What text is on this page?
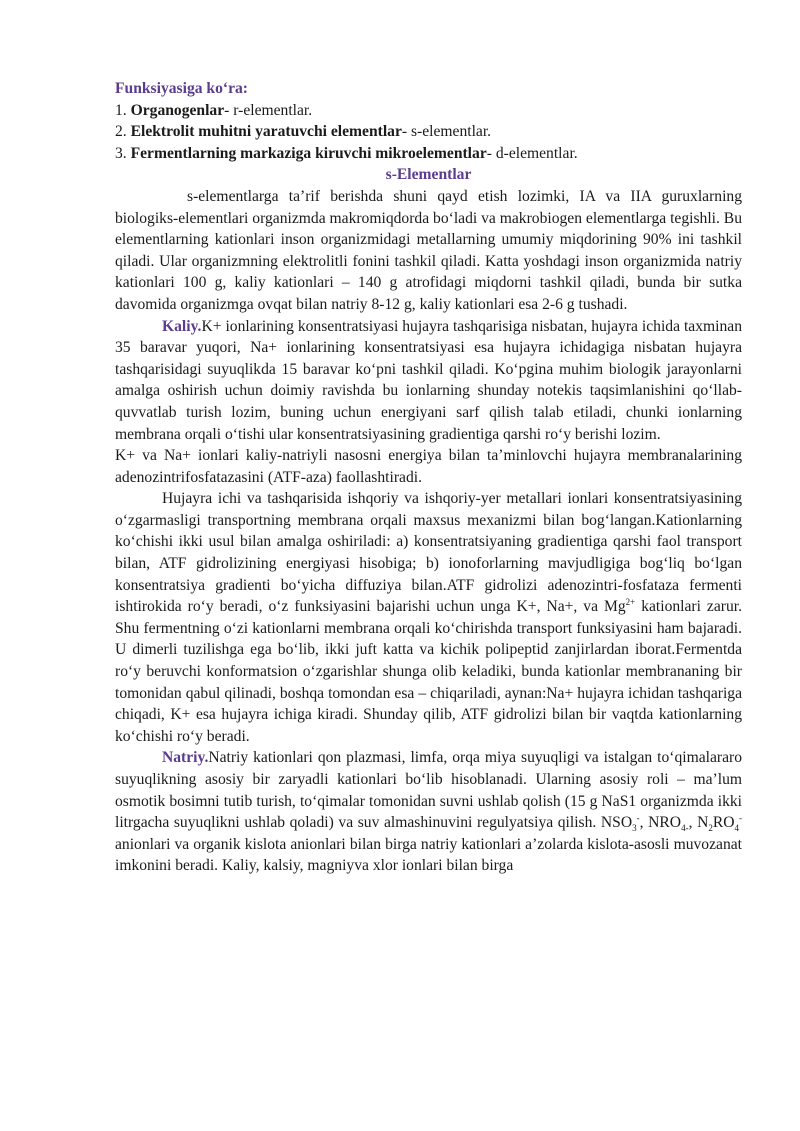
Funksiyasiga ko‘ra:

1. Organogenlar- r-elementlar.

2. Elektrolit muhitni yaratuvchi elementlar- s-elementlar.

3. Fermentlarning markaziga kiruvchi mikroelementlar- d-elementlar.

s-Elementlar

s-elementlarga ta’rif berishda shuni qayd etish lozimki, IA va IIA guruxlarning biologiks-elementlari organizmda makromiqdorda bo‘ladi va makrobiogen elementlarga tegishli. Bu elementlarning kationlari inson organizmidagi metallarning umumiy miqdorining 90% ini tashkil qiladi. Ular organizmning elektrolitli fonini tashkil qiladi. Katta yoshdagi inson organizmida natriy kationlari 100 g, kaliy kationlari – 140 g atrofidagi miqdorni tashkil qiladi, bunda bir sutka davomida organizmga ovqat bilan natriy 8-12 g, kaliy kationlari esa 2-6 g tushadi.

Kaliy.K+ ionlarining konsentratsiyasi hujayra tashqarisiga nisbatan, hujayra ichida taxminan 35 baravar yuqori, Na+ ionlarining konsentratsiyasi esa hujayra ichidagiga nisbatan hujayra tashqarisidagi suyuqlikda 15 baravar ko‘pni tashkil qiladi. Ko‘pgina muhim biologik jarayonlarni amalga oshirish uchun doimiy ravishda bu ionlarning shunday notekis taqsimlanishini qo‘llab-quvvatlab turish lozim, buning uchun energiyani sarf qilish talab etiladi, chunki ionlarning membrana orqali o‘tishi ular konsentratsiyasining gradientiga qarshi ro‘y berishi lozim.

K+ va Na+ ionlari kaliy-natriyli nasosni energiya bilan ta’minlovchi hujayra membranalarining adenozintrifosfatazasini (ATF-aza) faollashtiradi.

Hujayra ichi va tashqarisida ishqoriy va ishqoriy-yer metallari ionlari konsentratsiyasining o‘zgarmasligi transportning membrana orqali maxsus mexanizmi bilan bog‘langan.Kationlarning ko‘chishi ikki usul bilan amalga oshiriladi: a) konsentratsiyaning gradientiga qarshi faol transport bilan, ATF gidrolizining energiyasi hisobiga; b) ionoforlarning mavjudligiga bog‘liq bo‘lgan konsentratsiya gradienti bo‘yicha diffuziya bilan.ATF gidrolizi adenozintri-fosfataza fermenti ishtirokida ro‘y beradi, o‘z funksiyasini bajarishi uchun unga K+, Na+, va $Mg^{2+}$ kationlari zarur. Shu fermentning o‘zi kationlarni membrana orqali ko‘chirishda transport funksiyasini ham bajaradi. U dimerli tuzilishga ega bo‘lib, ikki juft katta va kichik polipeptid zanjirlardan iborat.Fermentda ro‘y beruvchi konformatsion o‘zgarishlar shunga olib keladiki, bunda kationlar membrananing bir tomonidan qabul qilinadi, boshqa tomondan esa – chiqariladi, aynan:Na+ hujayra ichidan tashqariga chiqadi, K+ esa hujayra ichiga kiradi. Shunday qilib, ATF gidrolizi bilan bir vaqtda kationlarning ko‘chishi ro‘y beradi.

Natriy.Natriy kationlari qon plazmasi, limfa, orqa miya suyuqligi va istalgan to‘qimalararo suyuqlikning asosiy bir zaryadli kationlari bo‘lib hisoblanadi. Ularning asosiy roli – ma’lum osmotik bosimni tutib turish, to‘qimalar tomonidan suvni ushlab qolish (15 g NaS1 organizmda ikki litrgacha suyuqlikni ushlab qoladi) va suv almashinuvini regulyatsiya qilish. $NSO_3^-$, $NRO_{4-}$, $N_2RO_4^-$ anionlari va organik kislota anionlari bilan birga natriy kationlari a’zolarda kislota-asosli muvozanat imkonini beradi. Kaliy, kalsiy, magniyva xlor ionlari bilan birga
